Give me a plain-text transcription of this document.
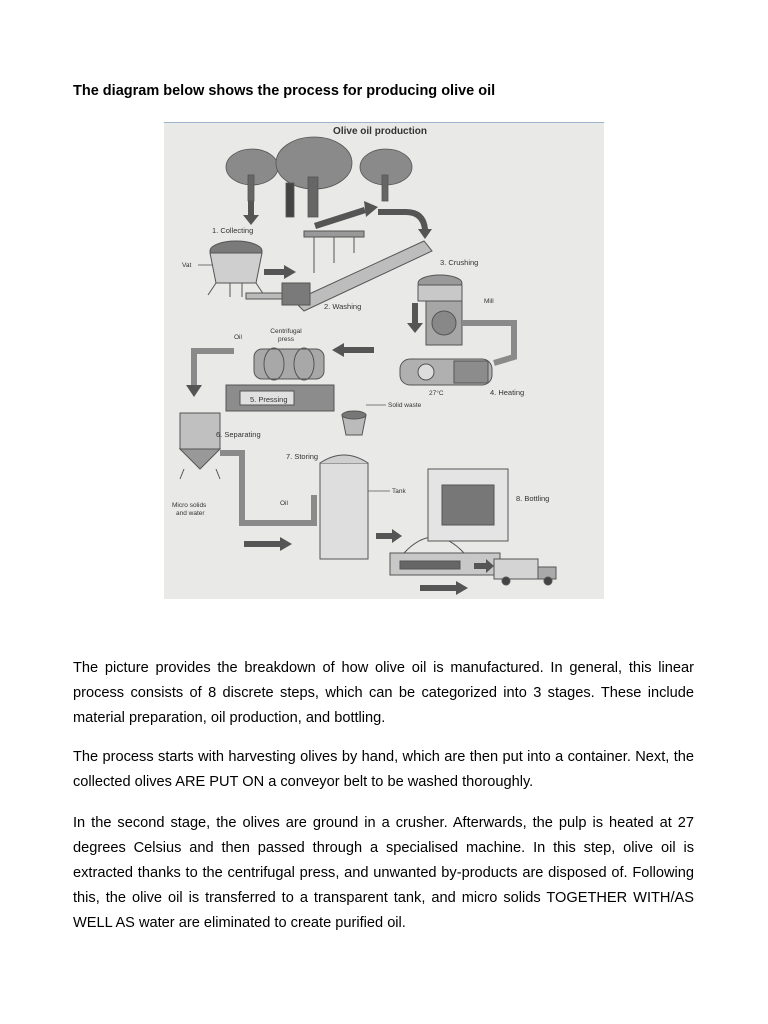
The diagram below shows the process for producing olive oil
Olive oil production
1. Collecting
Vat
2. Washing
3. Crushing
Mill
27°C	4. Heating
Centrifugal
press
Oil
5. Pressing
Solid waste
6. Separating
Micro solids
and water
Oil
7. Storing
Tank
8. Bottling

The picture provides the breakdown of how olive oil is manufactured. In general, this linear process consists of 8 discrete steps, which can be categorized into 3 stages. These include material preparation, oil production, and bottling.

The process starts with harvesting olives by hand, which are then put into a container. Next, the collected olives ARE PUT ON a conveyor belt to be washed thoroughly.

In the second stage, the olives are ground in a crusher. Afterwards, the pulp is heated at 27 degrees Celsius and then passed through a specialised machine. In this step, olive oil is extracted thanks to the centrifugal press, and unwanted by-products are disposed of. Following this, the olive oil is transferred to a transparent tank, and micro solids TOGETHER WITH/AS WELL AS water are eliminated to create purified oil.
